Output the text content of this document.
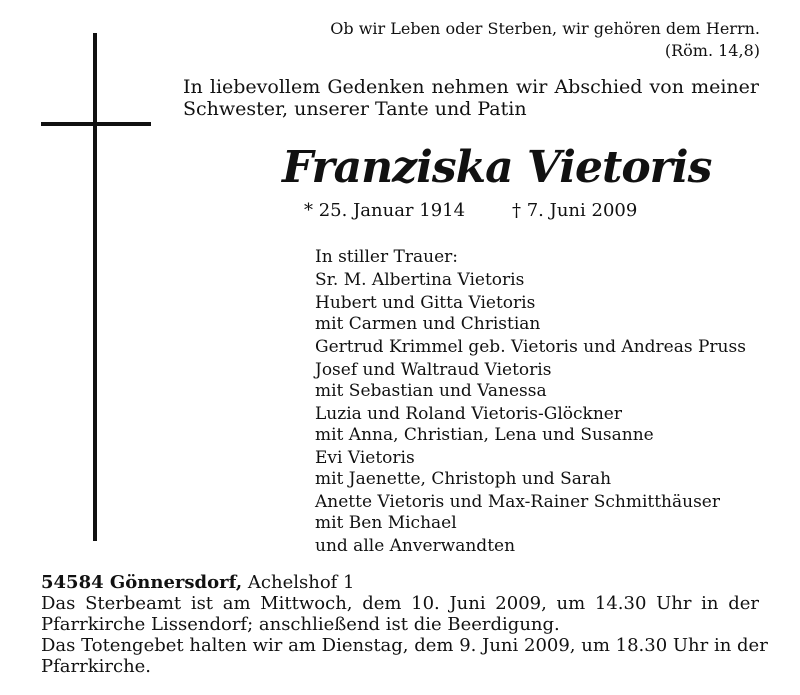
Ob wir Leben oder Sterben, wir gehören dem Herrn.
(Röm. 14,8)
In liebevollem Gedenken nehmen wir Abschied von meiner
Schwester, unserer Tante und Patin
Franziska Vietoris
* 25. Januar 1914	† 7. Juni 2009
In stiller Trauer:
Sr. M. Albertina Vietoris
Hubert und Gitta Vietoris
mit Carmen und Christian
Gertrud Krimmel geb. Vietoris und Andreas Pruss
Josef und Waltraud Vietoris
mit Sebastian und Vanessa
Luzia und Roland Vietoris-Glöckner
mit Anna, Christian, Lena und Susanne
Evi Vietoris
mit Jaenette, Christoph und Sarah
Anette Vietoris und Max-Rainer Schmitthäuser
mit Ben Michael
und alle Anverwandten
54584 Gönnersdorf, Achelshof 1
Das Sterbeamt ist am Mittwoch, dem 10. Juni 2009, um 14.30 Uhr in der
Pfarrkirche Lissendorf; anschließend ist die Beerdigung.
Das Totengebet halten wir am Dienstag, dem 9. Juni 2009, um 18.30 Uhr in der
Pfarrkirche.
